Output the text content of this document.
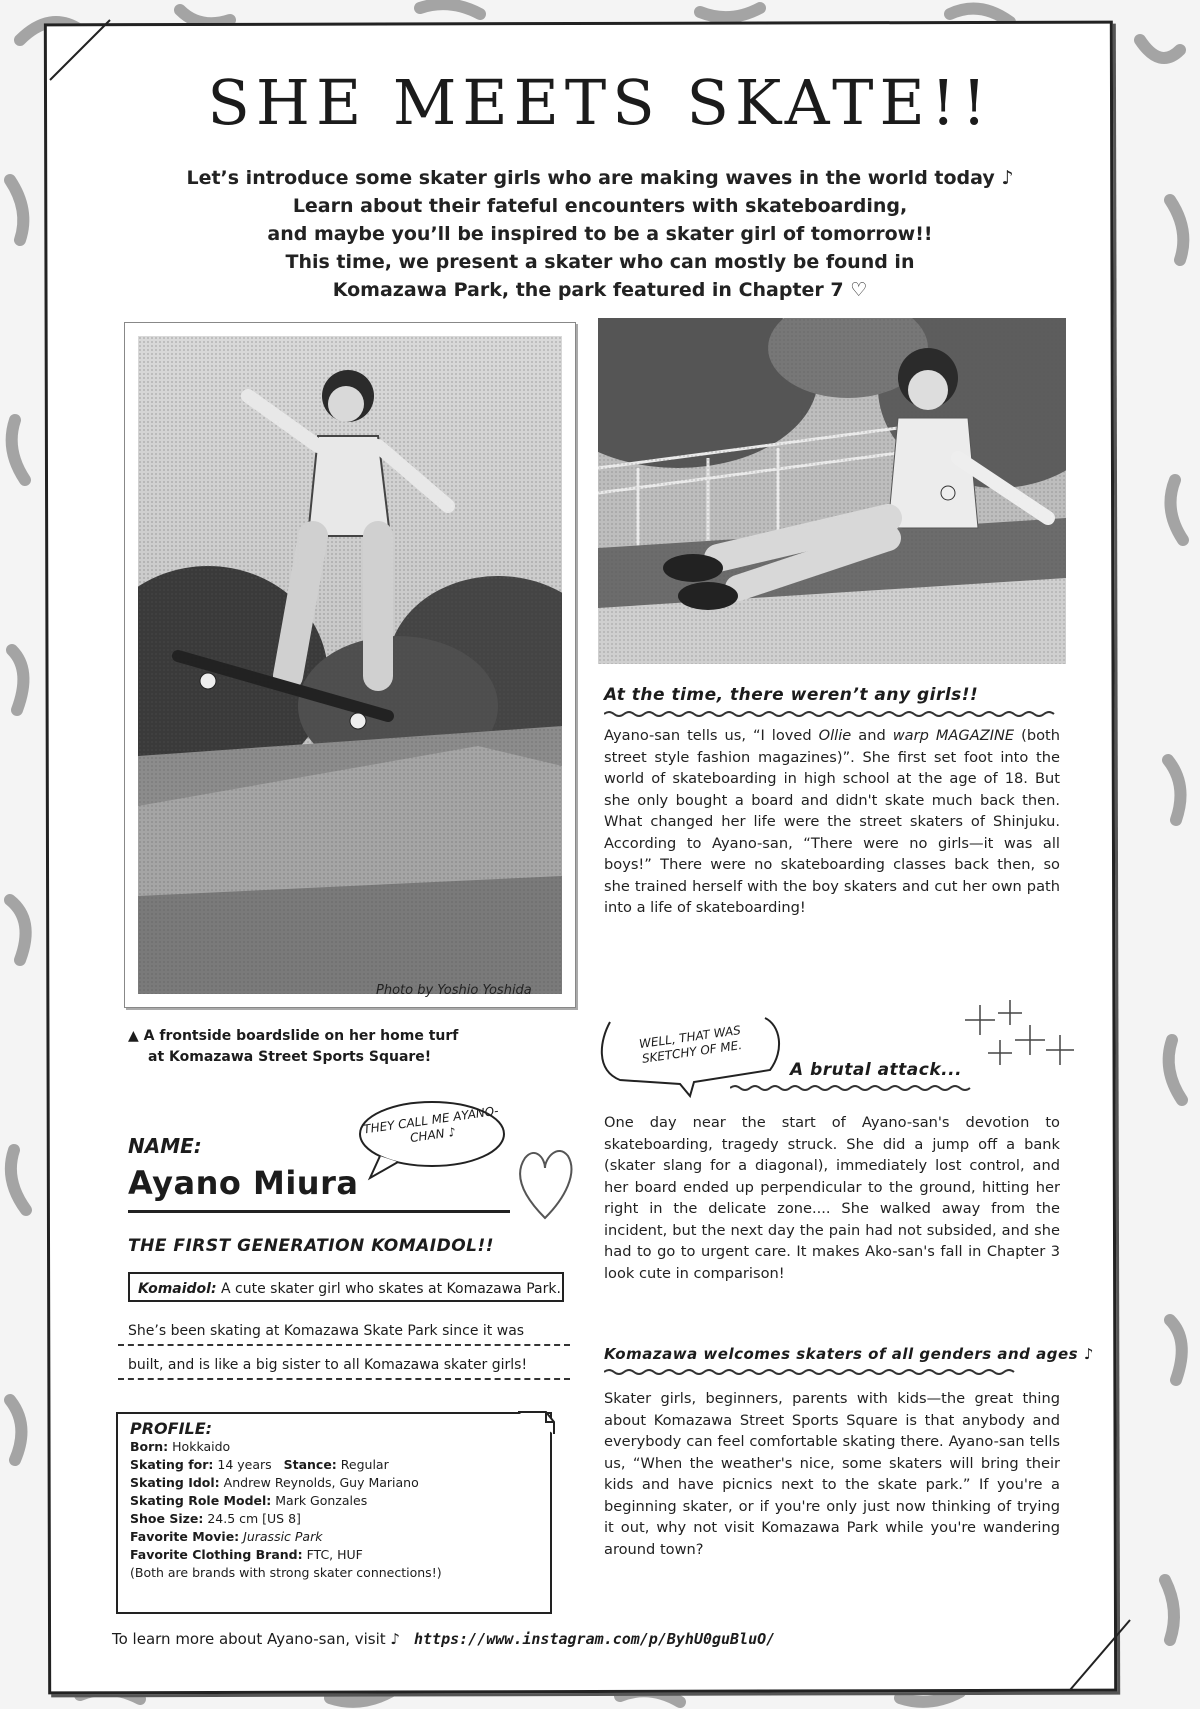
SHE MEETS SKATE!!
Let’s introduce some skater girls who are making waves in the world today ♪
Learn about their fateful encounters with skateboarding,
and maybe you’ll be inspired to be a skater girl of tomorrow!!
This time, we present a skater who can mostly be found in
Komazawa Park, the park featured in Chapter 7 ♡
Photo by Yoshio Yoshida
▲ A frontside boardslide on her home turf
at Komazawa Street Sports Square!
At the time, there weren’t any girls!!
Ayano-san tells us, “I loved Ollie and warp MAGAZINE (both street style fashion magazines)”. She first set foot into the world of skateboarding in high school at the age of 18. But she only bought a board and didn't skate much back then. What changed her life were the street skaters of Shinjuku. According to Ayano-san, “There were no girls—it was all boys!” There were no skateboarding classes back then, so she trained herself with the boy skaters and cut her own path into a life of skateboarding!
WELL, THAT WAS SKETCHY OF ME.
A brutal attack...
One day near the start of Ayano-san's devotion to skateboarding, tragedy struck. She did a jump off a bank (skater slang for a diagonal), immediately lost control, and her board ended up perpendicular to the ground, hitting her right in the delicate zone.... She walked away from the incident, but the next day the pain had not subsided, and she had to go to urgent care. It makes Ako-san's fall in Chapter 3 look cute in comparison!
Komazawa welcomes skaters of all genders and ages ♪
Skater girls, beginners, parents with kids—the great thing about Komazawa Street Sports Square is that anybody and everybody can feel comfortable skating there. Ayano-san tells us, “When the weather's nice, some skaters will bring their kids and have picnics next to the skate park.” If you're a beginning skater, or if you're only just now thinking of trying it out, why not visit Komazawa Park while you're wandering around town?
NAME:
Ayano Miura
THEY CALL ME AYANO-CHAN ♪
THE FIRST GENERATION KOMAIDOL!!
Komaidol: A cute skater girl who skates at Komazawa Park.
She’s been skating at Komazawa Skate Park since it was
built, and is like a big sister to all Komazawa skater girls!
PROFILE:
Born: Hokkaido
Skating for: 14 years Stance: Regular
Skating Idol: Andrew Reynolds, Guy Mariano
Skating Role Model: Mark Gonzales
Shoe Size: 24.5 cm [US 8]
Favorite Movie: Jurassic Park
Favorite Clothing Brand: FTC, HUF
(Both are brands with strong skater connections!)
To learn more about Ayano-san, visit ♪ https://www.instagram.com/p/ByhU0guBluO/
